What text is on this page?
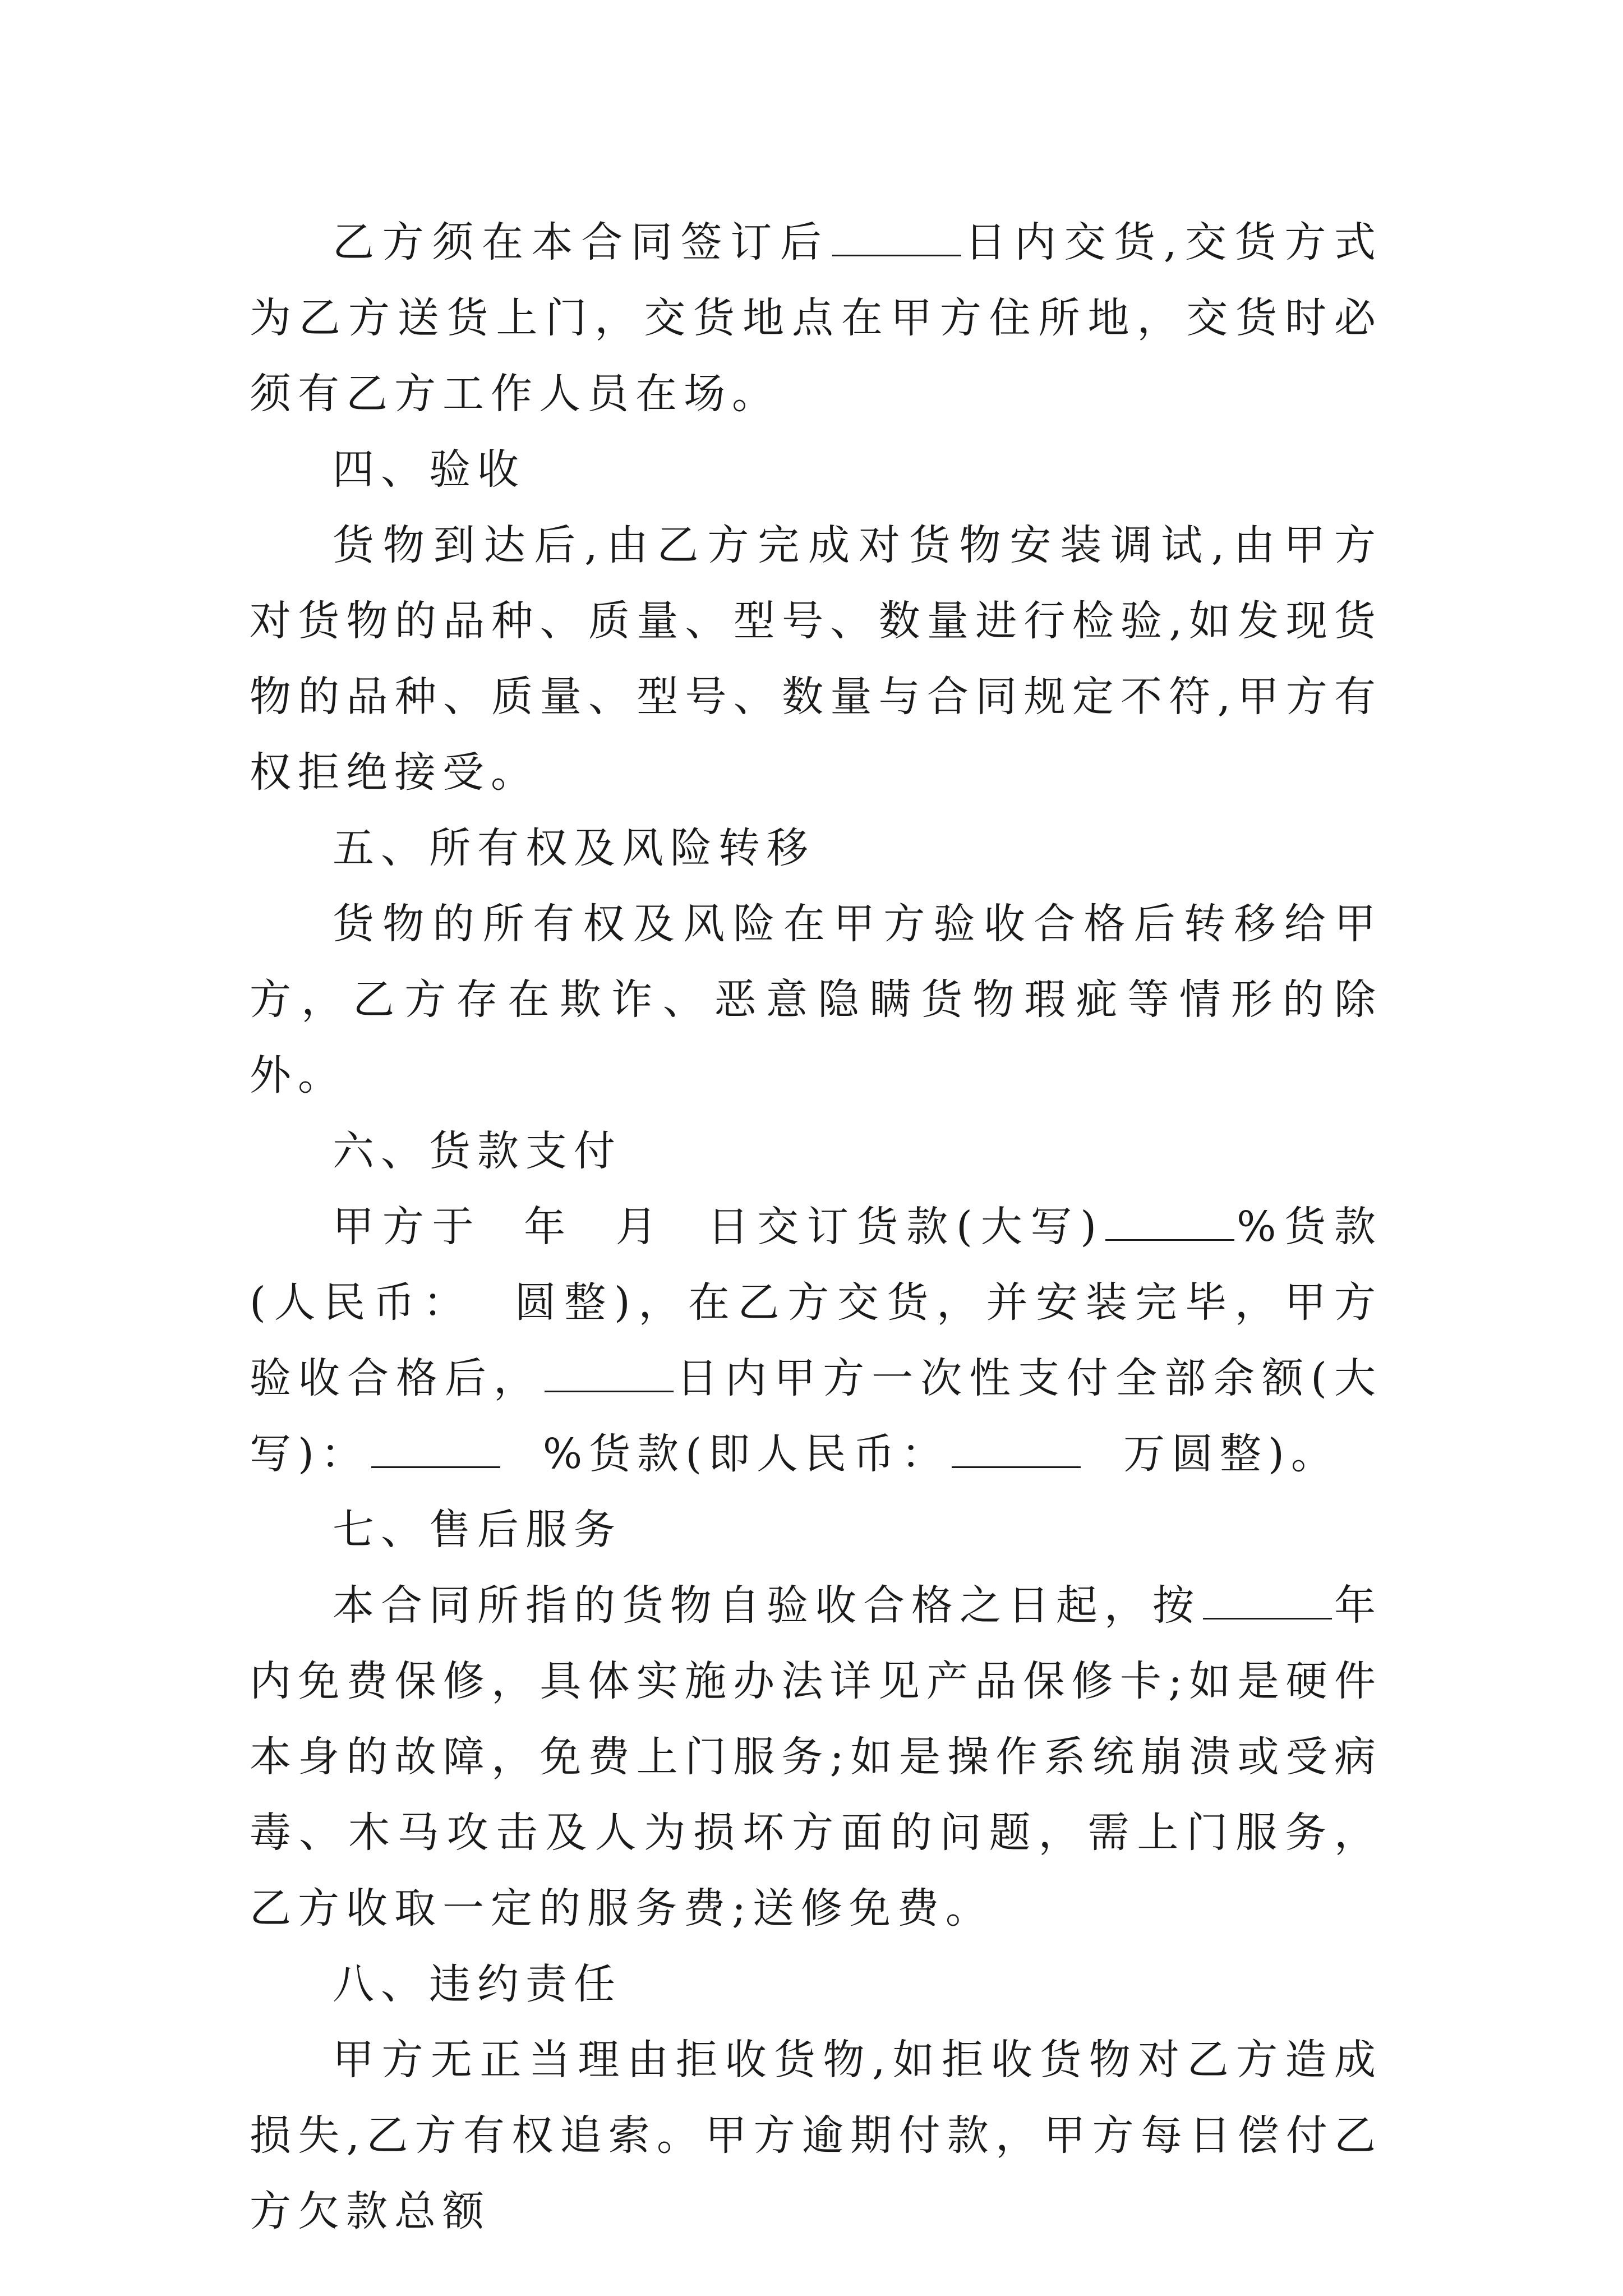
乙方须在本合同签订后	日内交货,交货方式为乙方送货上门，交货地点在甲方住所地，交货时必须有乙方工作人员在场。

四、验收

货物到达后,由乙方完成对货物安装调试,由甲方对货物的品种、质量、型号、数量进行检验,如发现货物的品种、质量、型号、数量与合同规定不符,甲方有权拒绝接受。

五、所有权及风险转移

货物的所有权及风险在甲方验收合格后转移给甲方，乙方存在欺诈、恶意隐瞒货物瑕疵等情形的除外。

六、货款支付

甲方于 年 月 日交订货款(大写)	%货款(人民币： 圆整)，在乙方交货，并安装完毕，甲方验收合格后，	日内甲方一次性支付全部余额(大写)：	%货款(即人民币：	万圆整)。

七、售后服务

本合同所指的货物自验收合格之日起，按	年内免费保修，具体实施办法详见产品保修卡;如是硬件本身的故障，免费上门服务;如是操作系统崩溃或受病毒、木马攻击及人为损坏方面的问题，需上门服务，乙方收取一定的服务费;送修免费。

八、违约责任

甲方无正当理由拒收货物,如拒收货物对乙方造成损失,乙方有权追索。甲方逾期付款，甲方每日偿付乙方欠款总额
